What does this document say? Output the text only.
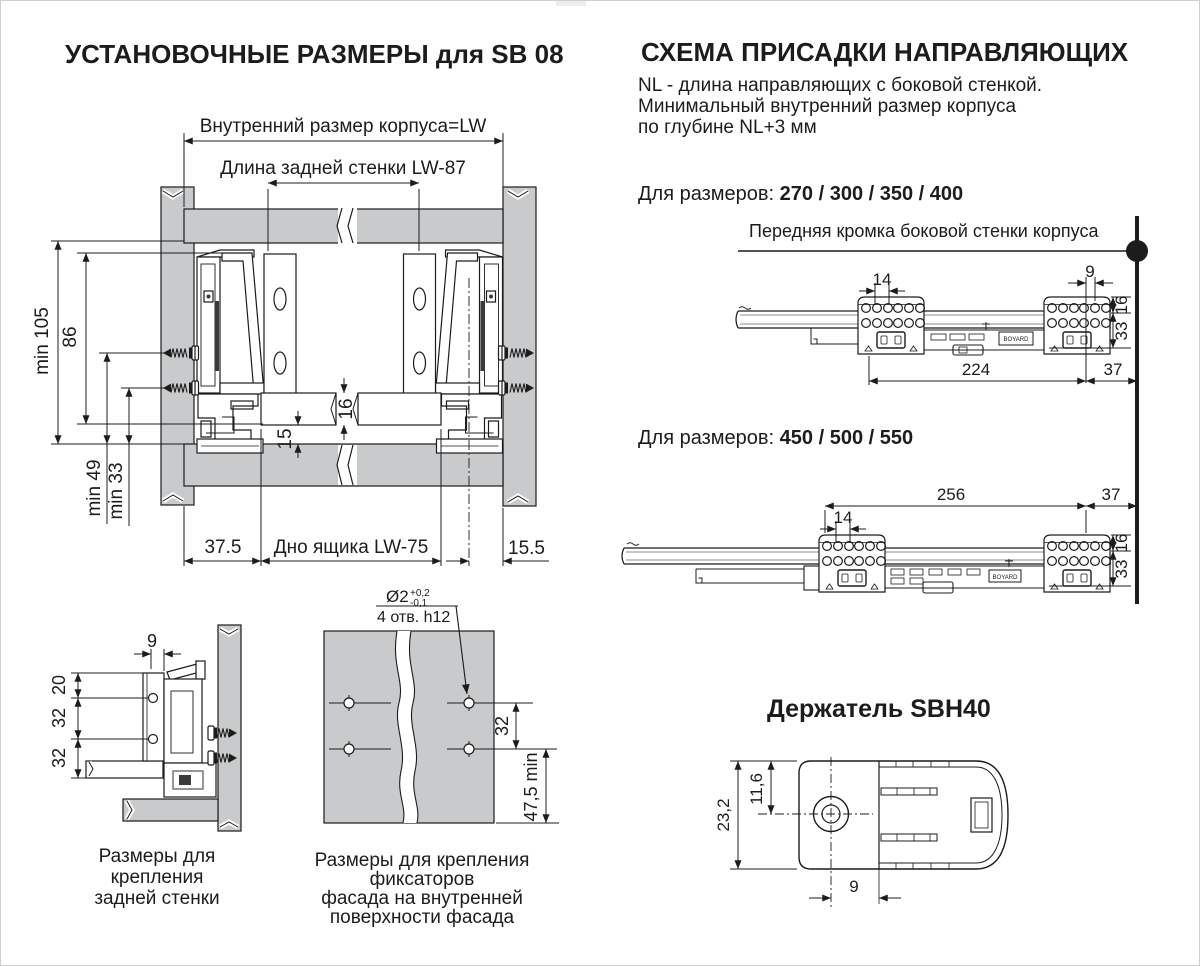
УСТАНОВОЧНЫЕ РАЗМЕРЫ для SB 08	СХЕМА ПРИСАДКИ НАПРАВЛЯЮЩИХ
NL - длина направляющих с боковой стенкой.
Минимальный внутренний размер корпуса
по глубине NL+3 мм
Для размеров: 270 / 300 / 350 / 400
Передняя кромка боковой стенки корпуса
Для размеров: 450 / 500 / 550
Держатель SBH40
Размеры для крепления
задней стенки
Размеры для крепления фиксаторов
фасада на внутренней
поверхности фасада
Внутренний размер корпуса=LW
Длина задней стенки LW-87
min 105 86
min 49 min 33
16
15
37.5 Дно ящика LW-75	15.5
BOYARD
14	9
16
33
224	37
BOYARD
256	37
14
16
33
9
20
32
32
Ø2 +0,2
-0,1
4 отв. h12
32
47,5 min	23,2
11,6
9
